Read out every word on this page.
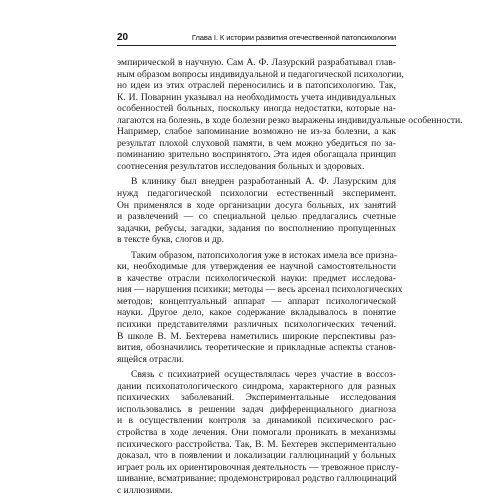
20	Глава I. К истории развития отечественной патопсихологии
эмпирической в научную. Сам А. Ф. Лазурский разрабатывал глав-
ным образом вопросы индивидуальной и педагогической психологии,
но идеи из этих отраслей переносились и в патопсихологию. Так,
К. И. Поварнин указывал на необходимость учета индивидуальных
особенностей больных, поскольку иногда недостатки, которые на-
лагаются на болезнь, в ходе болезни резко выражены индивидуальные особенности.
Например, слабое запоминание возможно не из-за болезни, а как
результат плохой слуховой памяти, в чем можно убедиться по за-
поминанию зрительно воспринятого. Эта идея обогащала принцип
соотнесения результатов исследования больных и здоровых.
В клинику был внедрен разработанный А. Ф. Лазурским для
нужд педагогической психологии естественный эксперимент.
Он применялся в ходе организации досуга больных, их занятий
и развлечений — со специальной целью предлагались счетные
задачки, ребусы, загадки, задания по восполнению пропущенных
в тексте букв, слогов и др.
Таким образом, патопсихология уже в истоках имела все призна-
ки, необходимые для утверждения ее научной самостоятельности
в качестве отрасли психологической науки: предмет исследова-
ния — нарушения психики; методы — весь арсенал психологических
методов; концептуальный аппарат — аппарат психологической
науки. Другое дело, какое содержание вкладывалось в понятие
психики представителями различных психологических течений.
В школе В. М. Бехтерева наметились широкие перспективы раз-
вития, обозначились теоретические и прикладные аспекты станов-
ящейся отрасли.
Связь с психиатрией осуществлялась через участие в воссоз-
дании психопатологического синдрома, характерного для разных
психических заболеваний. Экспериментальные исследования
использовались в решении задач дифференциального диагноза
и в осуществлении контроля за динамикой психического рас-
стройства в ходе лечения. Они помогали проникать в механизмы
психического расстройства. Так, В. М. Бехтерев экспериментально
доказал, что в появлении и локализации галлюцинаций у больных
играет роль их ориентировочная деятельность — тревожное прислу-
шивание, всматривание; продемонстрировал родство галлюцинаций
с иллюзиями.
